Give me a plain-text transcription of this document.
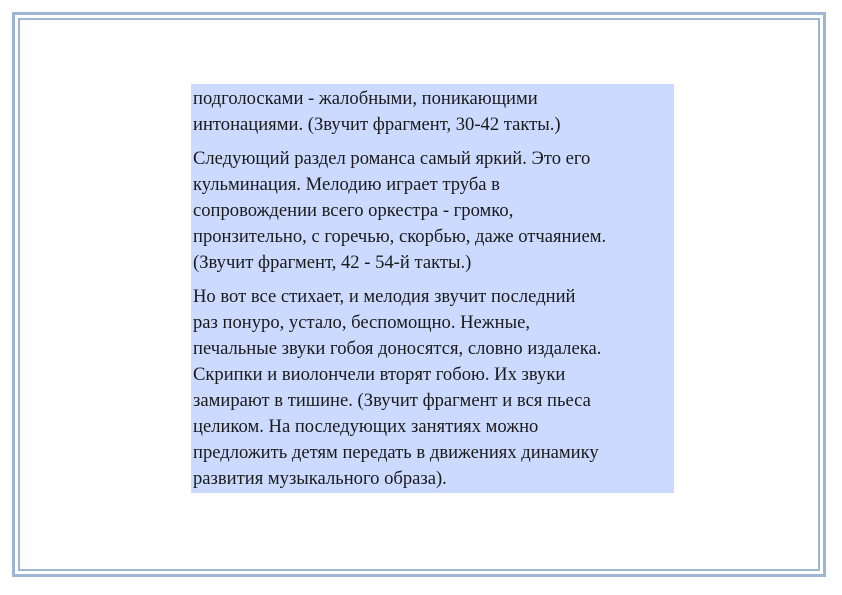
подголосками - жалобными, поникающими
интонациями. (Звучит фрагмент, 30-42 такты.)

Следующий раздел романса самый яркий. Это его
кульминация. Мелодию играет труба в
сопровождении всего оркестра - громко,
пронзительно, с горечью, скорбью, даже отчаянием.
(Звучит фрагмент, 42 - 54-й такты.)

Но вот все стихает, и мелодия звучит последний
раз понуро, устало, беспомощно. Нежные,
печальные звуки гобоя доносятся, словно издалека.
Скрипки и виолончели вторят гобою. Их звуки
замирают в тишине. (Звучит фрагмент и вся пьеса
целиком. На последующих занятиях можно
предложить детям передать в движениях динамику
развития музыкального образа).
